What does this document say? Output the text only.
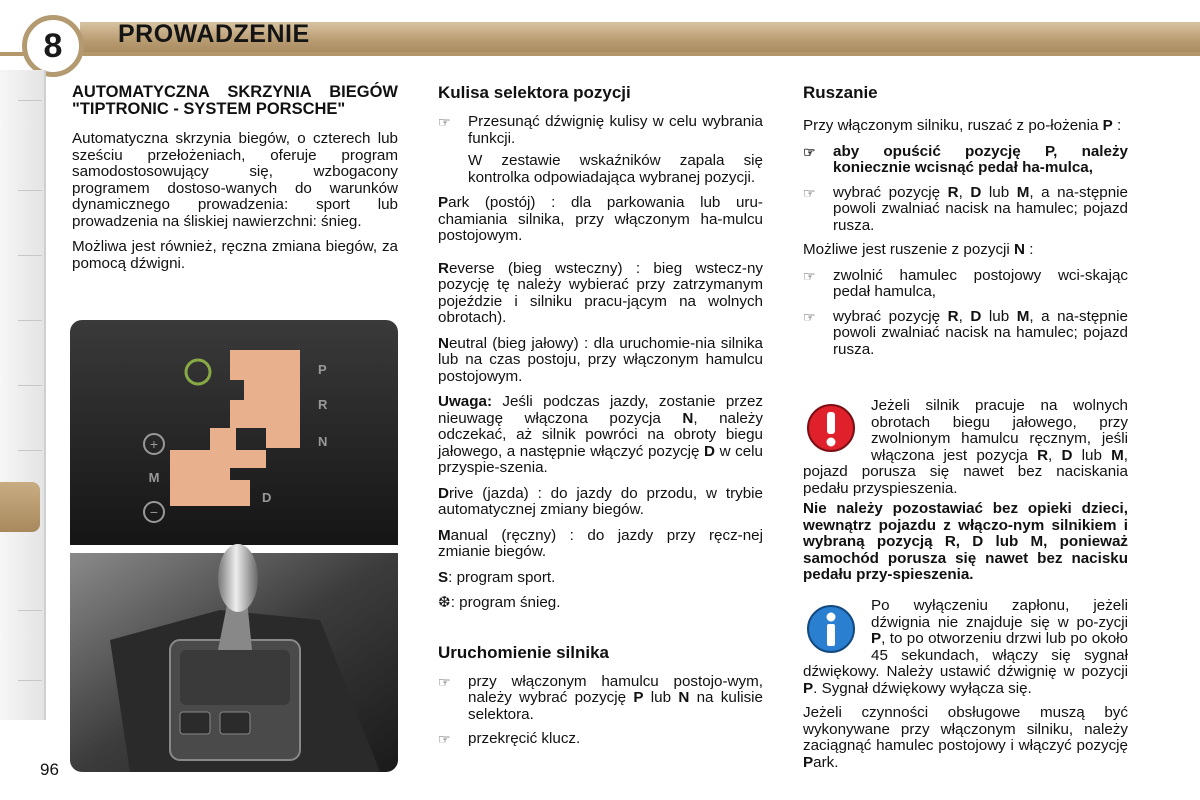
8	PROWADZENIE
96
AUTOMATYCZNA SKRZYNIA BIEGÓW "TIPTRONIC - SYSTEM PORSCHE"

Automatyczna skrzynia biegów, o czterech lub sześciu przełożeniach, oferuje program samodostosowujący się, wzbogacony programem dostoso-wanych do warunków dynamicznego prowadzenia: sport lub prowadzenia na śliskiej nawierzchni: śnieg.

Możliwa jest również, ręczna zmiana biegów, za pomocą dźwigni.

+
M
−
P
R
N
D
Kulisa selektora pozycji
☞ Przesunąć dźwignię kulisy w celu wybrania funkcji.

W zestawie wskaźników zapala się kontrolka odpowiadająca wybranej pozycji.

Park (postój) : dla parkowania lub uru-chamiania silnika, przy włączonym ha-mulcu postojowym.

Reverse (bieg wsteczny) : bieg wstecz-ny pozycję tę należy wybierać przy zatrzymanym pojeździe i silniku pracu-jącym na wolnych obrotach).

Neutral (bieg jałowy) : dla uruchomie-nia silnika lub na czas postoju, przy włączonym hamulcu postojowym.

Uwaga: Jeśli podczas jazdy, zostanie przez nieuwagę włączona pozycja N, należy odczekać, aż silnik powróci na obroty biegu jałowego, a następnie włączyć pozycję D w celu przyspie-szenia.

Drive (jazda) : do jazdy do przodu, w trybie automatycznej zmiany biegów.

Manual (ręczny) : do jazdy przy ręcz-nej zmianie biegów.

S: program sport.

❆: program śnieg.

Uruchomienie silnika
☞ przy włączonym hamulcu postojo-wym, należy wybrać pozycję P lub N na kulisie selektora.
☞ przekręcić klucz.
Ruszanie

Przy włączonym silniku, ruszać z po-łożenia P :

☞ aby opuścić pozycję P, należy koniecznie wcisnąć pedał ha-mulca,
☞ wybrać pozycję R, D lub M, a na-stępnie powoli zwalniać nacisk na hamulec; pojazd rusza.

Możliwe jest ruszenie z pozycji N :

☞ zwolnić hamulec postojowy wci-skając pedał hamulca,
☞ wybrać pozycję R, D lub M, a na-stępnie powoli zwalniać nacisk na hamulec; pojazd rusza.

Jeżeli silnik pracuje na wolnych obrotach biegu jałowego, przy zwolnionym hamulcu ręcznym, jeśli włączona jest pozycja R, D lub M, pojazd porusza się nawet bez naciskania pedału przyspieszenia.

Nie należy pozostawiać bez opieki dzieci, wewnątrz pojazdu z włączo-nym silnikiem i wybraną pozycją R, D lub M, ponieważ samochód porusza się nawet bez nacisku pedału przy-spieszenia.

Po wyłączeniu zapłonu, jeżeli dźwignia nie znajduje się w po-zycji P, to po otworzeniu drzwi lub po około 45 sekundach, włączy się sygnał dźwiękowy. Należy ustawić dźwignię w pozycji P. Sygnał dźwiękowy wyłącza się.

Jeżeli czynności obsługowe muszą być wykonywane przy włączonym silniku, należy zaciągnąć hamulec postojowy i włączyć pozycję Park.
